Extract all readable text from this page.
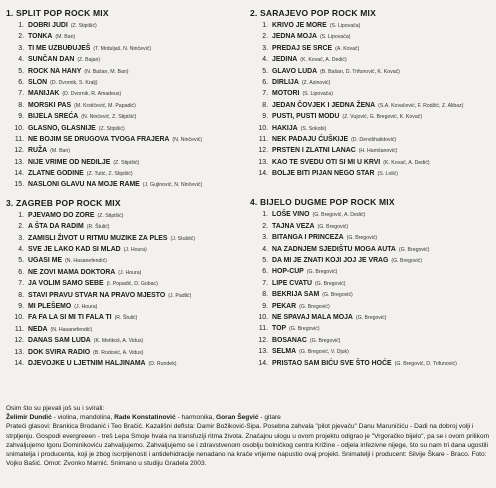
1. SPLIT POP ROCK MIX
1. DOBRI JUDI (Z. Stipišić)
2. TONKA (M. Ban)
3. TI ME UZBUĐUJEŠ (T. Mrduljaš, N. Ninčević)
4. SUNČAN DAN (Z. Bajan)
5. ROCK NA HANY (N. Bašan, M. Ban)
6. SLON (D. Dvornik, S. Kralj)
7. MANIJAK (D. Dvornik, R. Amadeus)
8. MORSKI PAS (M. Krstičević, M. Papadić)
9. BIJELA SREĆA (N. Ninčević, Z. Stipišić)
10. GLASNO, GLASNIJE (Z. Stipišić)
11. NE BOJIM SE DRUGOVA TVOGA FRAJERA (N. Ninčević)
12. RUŽA (M. Ban)
13. NIJE VRIME OD NEDILJE (Z. Stipišić)
14. ZLATNE GODINE (Z. Tutić, Z. Stipišić)
15. NASLONI GLAVU NA MOJE RAME (J. Gujinović, N. Ninčević)
3. ZAGREB POP ROCK MIX
1. PJEVAMO DO ZORE (Z. Stipišić)
2. A ŠTA DA RADIM (R. Štulić)
3. ZAMISLI ŽIVOT U RITMU MUZIKE ZA PLES (J. Stublić)
4. SVE JE LAKO KAD SI MLAD (J. Houra)
5. UGASI ME (N. Hasanefendić)
6. NE ZOVI MAMA DOKTORA (J. Houra)
7. JA VOLIM SAMO SEBE (I. Popadić, D. Gobac)
8. STAVI PRAVU STVAR NA PRAVO MJESTO (J. Padlić)
9. MI PLEŠEMO (J. Houra)
10. FA FA LA SI MI TI FALA TI (R. Štulić)
11. NEDA (N. Hasanefendić)
12. DANAS SAM LUDA (K. Metikoš, A. Vidus)
13. DOK SVIRA RADIO (B. Rodović, A. Vidus)
14. DJEVOJKE U LJETNIM HALJINAMA (D. Rundek)
2. SARAJEVO POP ROCK MIX
1. KRIVO JE MORE (S. Lipovača)
2. JEDNA MOJA (S. Lipovača)
3. PREDAJ SE SRCE (A. Kovač)
4. JEDINA (K. Kovač, A. Dedić)
5. GLAVO LUDA (B. Bašan, D. Trifunović, K. Kovač)
6. DIRLIJA (Z. Azinović)
7. MOTORI (S. Lipovača)
8. JEDAN ČOVJEK I JEDNA ŽENA (S.A. Kovačević, F. Rodžić, Z. Alibaz)
9. PUSTI, PUSTI MODU (Z. Vujović, G. Bregović, K. Kovač)
10. HAKIJA (S. Sokobi)
11. NEK PADAJU ĆUŠKIJE (D. Dervišhalidović)
12. PRSTEN I ZLATNI LANAC (H. Hamšanović)
13. KAO TE SVEDU OTI SI MI U KRVI (K. Kovač, A. Dedić)
14. BOLJE BITI PIJAN NEGO STAR (S. Lolić)
4. BIJELO DUGME POP ROCK MIX
1. LOŠE VINO (G. Bregović, A. Dedić)
2. TAJNA VEZA (G. Bregović)
3. BITANGA I PRINCEZA (G. Bregović)
4. NA ZADNJEM SJEDIŠTU MOGA AUTA (G. Bregović)
5. DA MI JE ZNATI KOJI JOJ JE VRAG (G. Bregović)
6. HOP-CUP (G. Bregović)
7. LIPE CVATU (G. Bregović)
8. BEKRIJA SAM (G. Bregović)
9. PEKAR (G. Bregović)
10. NE SPAVAJ MALA MOJA (G. Bregović)
11. TOP (G. Bregović)
12. BOSANAC (G. Bregović)
13. SELMA (G. Bregović, V. Djuk)
14. PRISTAO SAM BIĆU SVE ŠTO HOĆE (G. Bregović, D. Trifunović)

Osim što su pjevali još su i svirali:

Želimir Dundić - violina, mandolina, Rade Konstatinović - harmonika, Goran Šegvić - gitare

Prateći glasovi: Brankica Brodanić i Teo Bračić. Kazališni deflsta: Damir Božiković-Sipa. Posebna zahvala "pilot pjevaču" Danu Maruničiću - Dadi na dobroj volji i strpljenju. Gospodi evergreeen - treš Lepa Smoje hvala na transfuziji ritma života. Značajnu ulogu u ovom projektu odigrao je "Vrgoračko bijelo", pa se i ovom prilikom zahvaljujemo Igoru Dominikoviću zahvaljujemo. Zahvaljujemo se i zdravstvenom osoblju bolničkog centra Križine - odjela infezivne nijege, što su nam tri dana ugostili snimatelja i producenta, koji je zbog iscrpljenosti i antidehidracije nenadano na krače vrijeme napustio ovaj projekt. Snimatelji i producent: Silvije Škare - Braco. Foto: Vojko Bašić. Omot: Zvonko Marnić. Snimano u studiju Gradela 2003.
